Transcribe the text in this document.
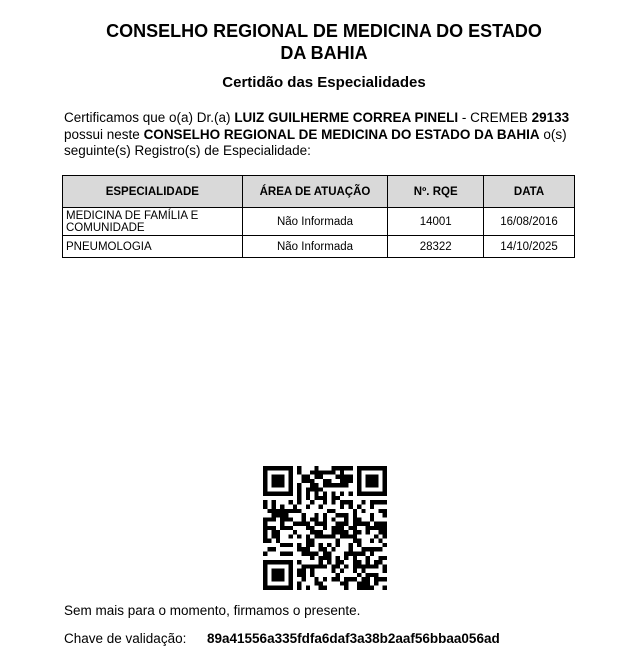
CONSELHO REGIONAL DE MEDICINA DO ESTADO
DA BAHIA
Certidão das Especialidades
Certificamos que o(a) Dr.(a) LUIZ GUILHERME CORREA PINELI - CREMEB 29133
possui neste CONSELHO REGIONAL DE MEDICINA DO ESTADO DA BAHIA o(s) seguinte(s) Registro(s) de Especialidade:
ESPECIALIDADE	ÁREA DE ATUAÇÃO	Nº. RQE	DATA
MEDICINA DE FAMÍLIA E COMUNIDADE	Não Informada	14001	16/08/2016
PNEUMOLOGIA	Não Informada	28322	14/10/2025
Sem mais para o momento, firmamos o presente.
Chave de validação: 89a41556a335fdfa6daf3a38b2aaf56bbaa056ad
